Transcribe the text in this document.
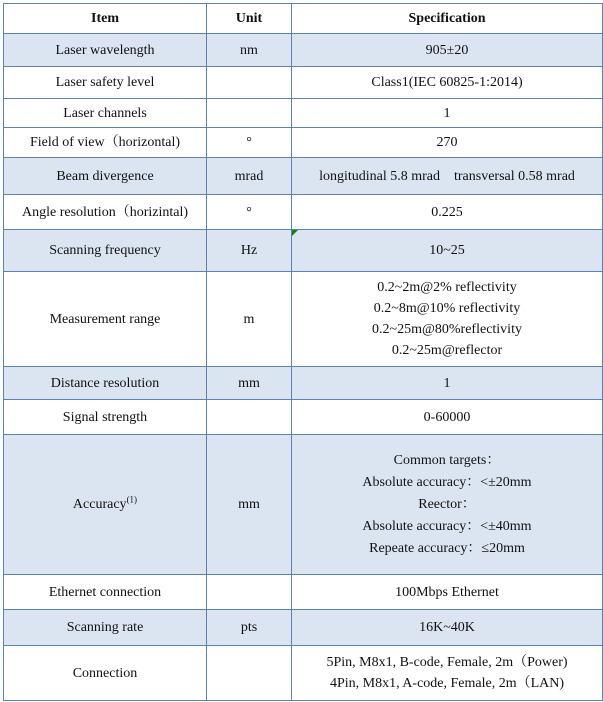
Item	Unit	Specification
Laser wavelength	nm	905±20

Laser safety level		Class1(IEC 60825-1:2014)

Laser channels		1

Field of view（horizontal)	°	270

Beam divergence	mrad	longitudinal 5.8 mrad    transversal 0.58 mrad

Angle resolution（horizintal)	°	0.225

Scanning frequency	Hz	10~25

Measurement range	m	0.2~2m@2% reflectivity
0.2~8m@10% reflectivity
0.2~25m@80%reflectivity
0.2~25m@reflector

Distance resolution	mm	1

Signal strength		0-60000

Accuracy$^{(1)}$	mm	Common targets：
Absolute accuracy：<±20mm
Reector：
Absolute accuracy：<±40mm
Repeate accuracy：≤20mm

Ethernet connection		100Mbps Ethernet

Scanning rate	pts	16K~40K

Connection		5Pin, M8x1, B-code, Female, 2m（Power)
4Pin, M8x1, A-code, Female, 2m（LAN)
